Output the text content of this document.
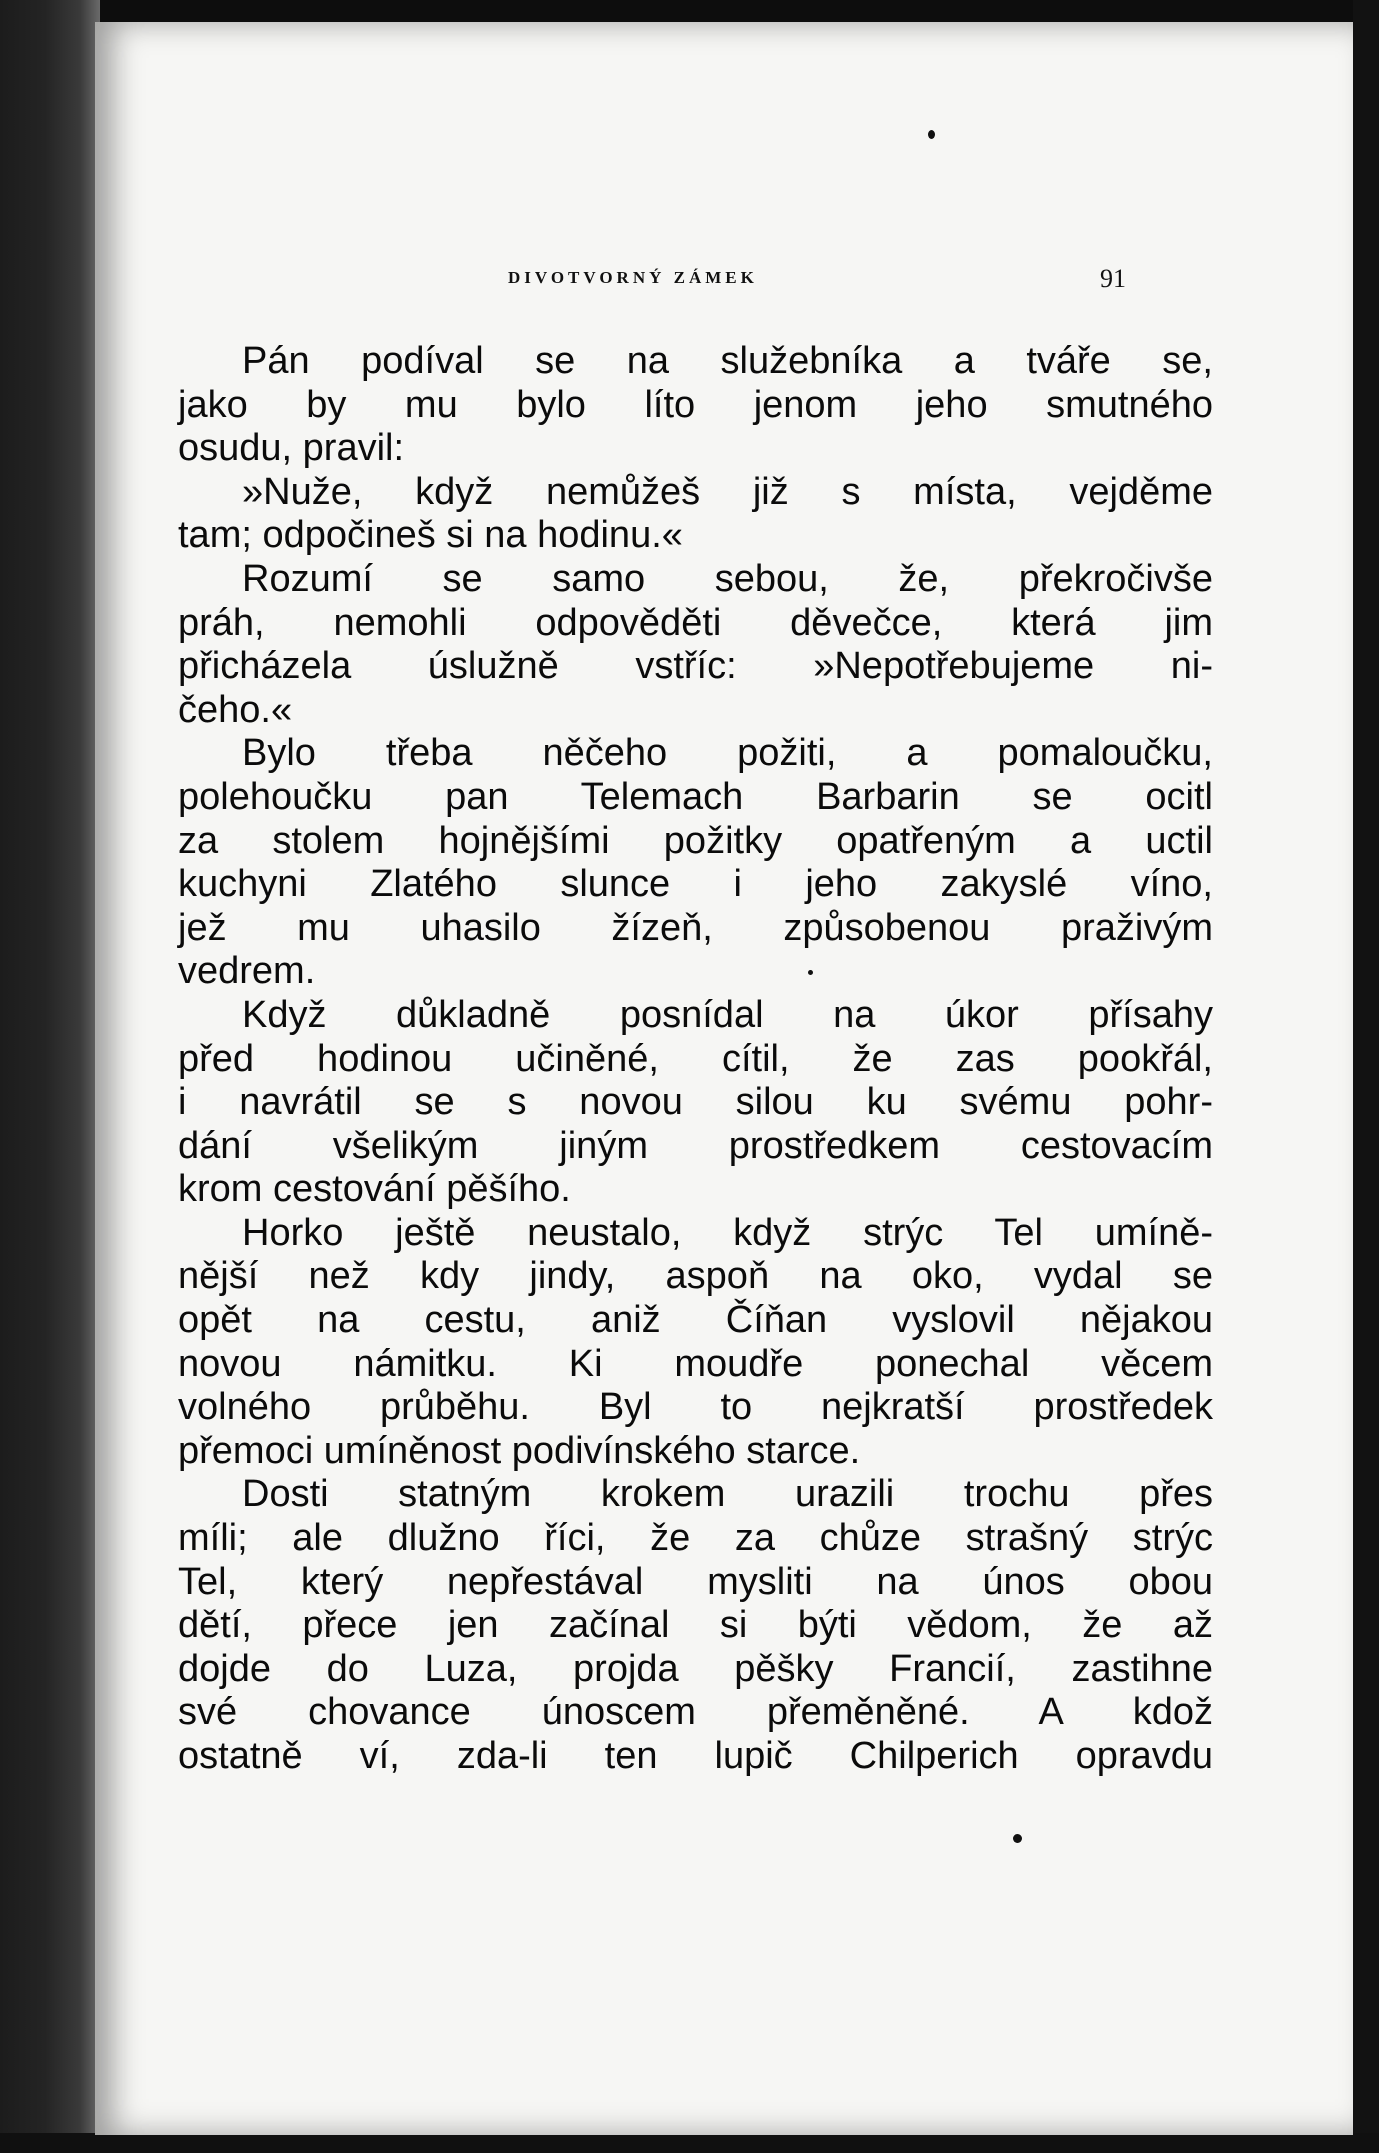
DIVOTVORNÝ ZÁMEK	91
Pán podíval se na služebníka a tváře se,
jako by mu bylo líto jenom jeho smutného
osudu, pravil:
»Nuže, když nemůžeš již s místa, vejděme
tam; odpočineš si na hodinu.«
Rozumí se samo sebou, že, překročivše
práh, nemohli odpověděti děvečce, která jim
přicházela úslužně vstříc: »Nepotřebujeme ni-
čeho.«
Bylo třeba něčeho požiti, a pomaloučku,
polehoučku pan Telemach Barbarin se ocitl
za stolem hojnějšími požitky opatřeným a uctil
kuchyni Zlatého slunce i jeho zakyslé víno,
jež mu uhasilo žízeň, způsobenou praživým
vedrem.
Když důkladně posnídal na úkor přísahy
před hodinou učiněné, cítil, že zas pookřál,
i navrátil se s novou silou ku svému pohr-
dání všelikým jiným prostředkem cestovacím
krom cestování pěšího.
Horko ještě neustalo, když strýc Tel umíně-
nější než kdy jindy, aspoň na oko, vydal se
opět na cestu, aniž Číňan vyslovil nějakou
novou námitku. Ki moudře ponechal věcem
volného průběhu. Byl to nejkratší prostředek
přemoci umíněnost podivínského starce.
Dosti statným krokem urazili trochu přes
míli; ale dlužno říci, že za chůze strašný strýc
Tel, který nepřestával mysliti na únos obou
dětí, přece jen začínal si býti vědom, že až
dojde do Luza, projda pěšky Francií, zastihne
své chovance únoscem přeměněné. A kdož
ostatně ví, zda-li ten lupič Chilperich opravdu
